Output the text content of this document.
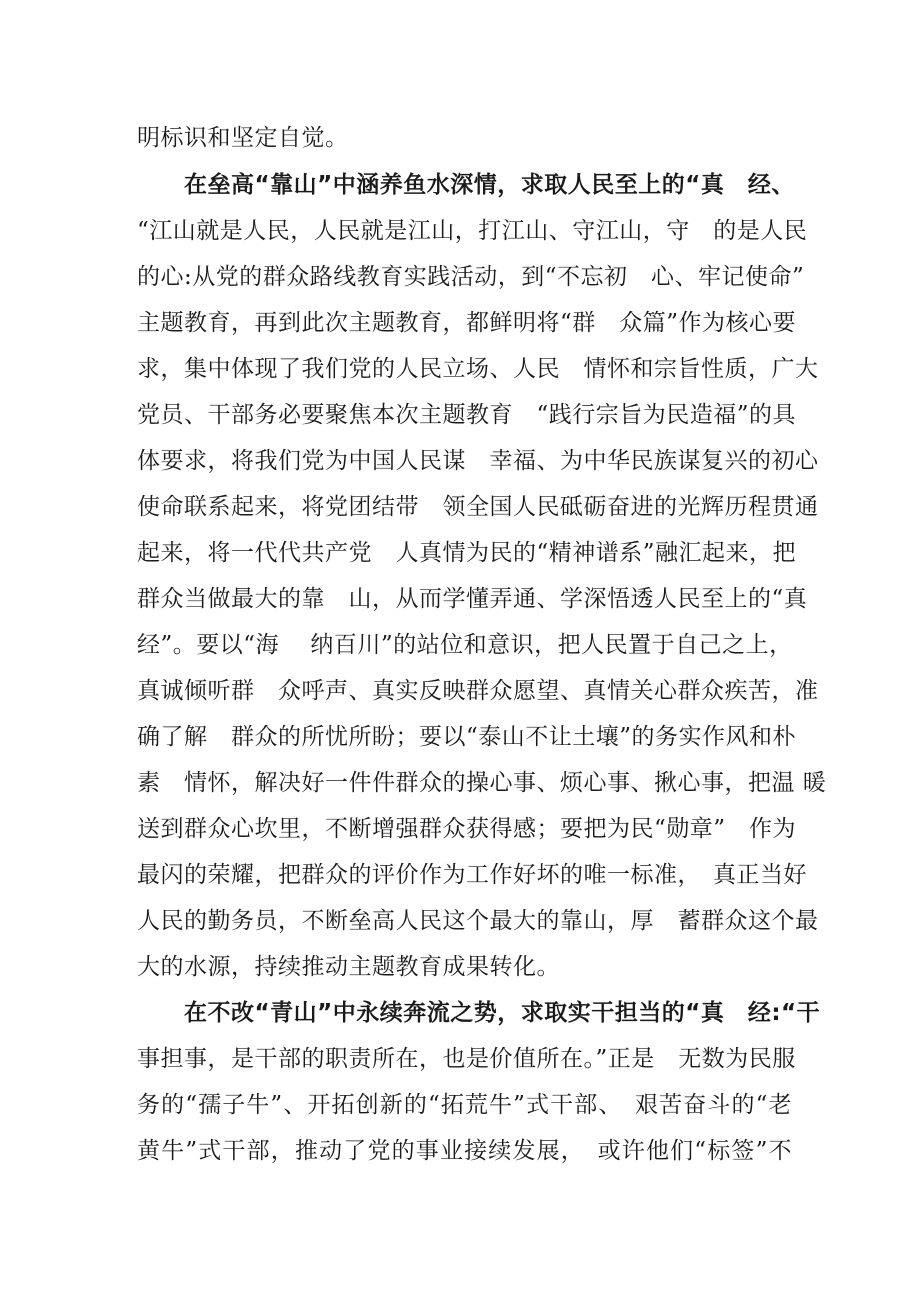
明标识和坚定自觉。
在垒高“靠山”中涵养鱼水深情，求取人民至上的“真　经、
“江山就是人民，人民就是江山，打江山、守江山，守　的是人民
的心:从党的群众路线教育实践活动，到“不忘初　心、牢记使命”
主题教育，再到此次主题教育，都鲜明将“群　众篇”作为核心要
求，集中体现了我们党的人民立场、人民　情怀和宗旨性质，广大
党员、干部务必要聚焦本次主题教育　“践行宗旨为民造福”的具
体要求，将我们党为中国人民谋　幸福、为中华民族谋复兴的初心
使命联系起来，将党团结带　领全国人民砥砺奋进的光辉历程贯通
起来，将一代代共产党　人真情为民的“精神谱系”融汇起来，把
群众当做最大的靠　山，从而学懂弄通、学深悟透人民至上的“真
经”。要以“海　 纳百川”的站位和意识，把人民置于自己之上，
真诚倾听群　众呼声、真实反映群众愿望、真情关心群众疾苦，准
确了解　群众的所忧所盼；要以“泰山不让土壤”的务实作风和朴
素　情怀，解决好一件件群众的操心事、烦心事、揪心事，把温 暖
送到群众心坎里，不断增强群众获得感；要把为民“勋章”　作为
最闪的荣耀，把群众的评价作为工作好坏的唯一标准，　真正当好
人民的勤务员，不断垒高人民这个最大的靠山，厚　蓄群众这个最
大的水源，持续推动主题教育成果转化。
在不改“青山”中永续奔流之势，求取实干担当的“真　经:“干
事担事，是干部的职责所在，也是价值所在。”正是　无数为民服
务的“孺子牛”、开拓创新的“拓荒牛”式干部、　艰苦奋斗的“老
黄牛”式干部，推动了党的事业接续发展，　或许他们“标签”不
